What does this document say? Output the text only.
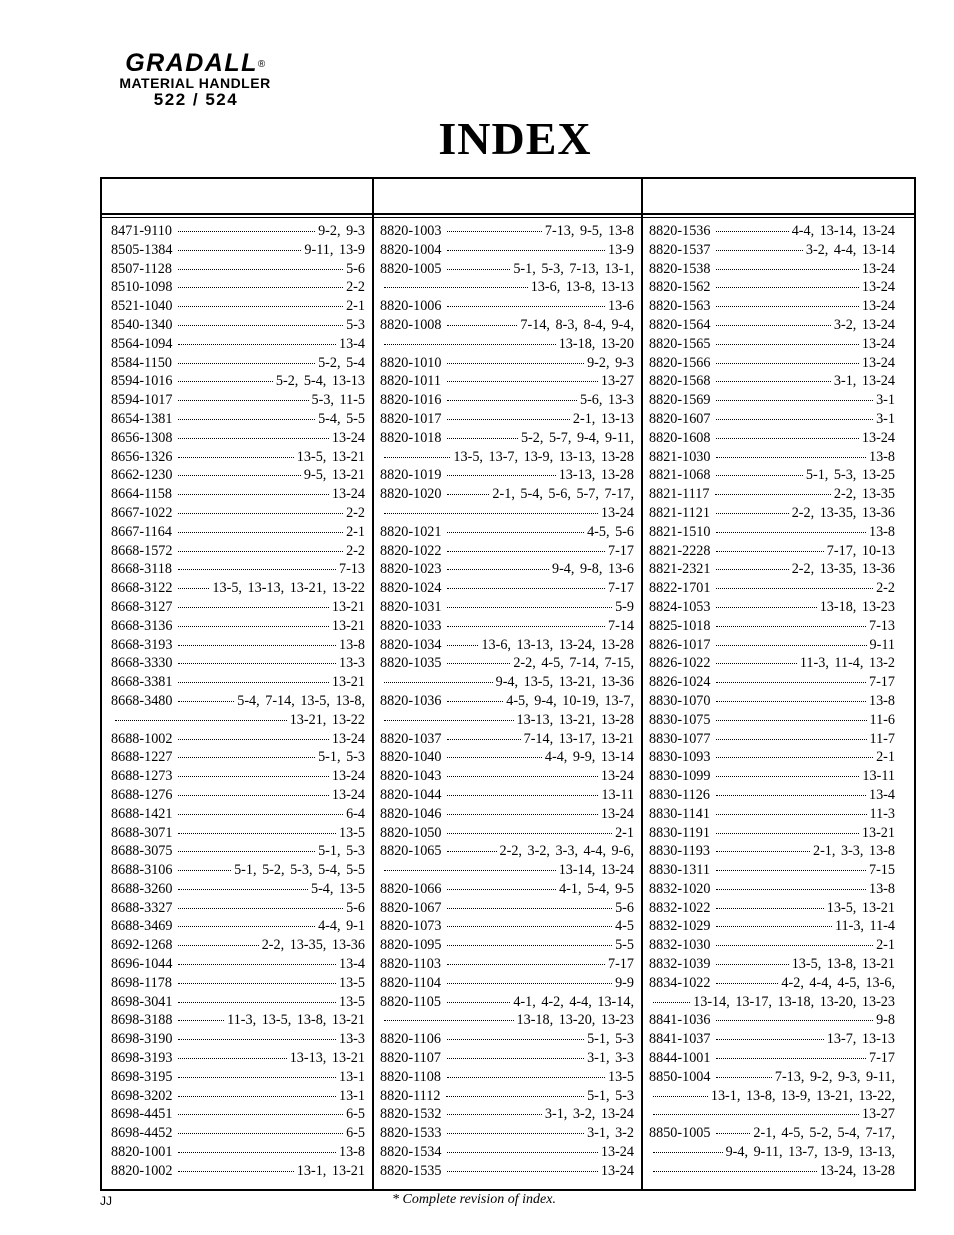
GRADALL®
MATERIAL HANDLER
522 / 524
INDEX
8471-9110	9-2, 9-3
8505-1384	9-11, 13-9
8507-1128	5-6
8510-1098	2-2
8521-1040	2-1
8540-1340	5-3
8564-1094	13-4
8584-1150	5-2, 5-4
8594-1016	5-2, 5-4, 13-13
8594-1017	5-3, 11-5
8654-1381	5-4, 5-5
8656-1308	13-24
8656-1326	13-5, 13-21
8662-1230	9-5, 13-21
8664-1158	13-24
8667-1022	2-2
8667-1164	2-1
8668-1572	2-2
8668-3118	7-13
8668-3122	13-5, 13-13, 13-21, 13-22
8668-3127	13-21
8668-3136	13-21
8668-3193	13-8
8668-3330	13-3
8668-3381	13-21
8668-3480	5-4, 7-14, 13-5, 13-8,
13-21, 13-22
8688-1002	13-24
8688-1227	5-1, 5-3
8688-1273	13-24
8688-1276	13-24
8688-1421	6-4
8688-3071	13-5
8688-3075	5-1, 5-3
8688-3106	5-1, 5-2, 5-3, 5-4, 5-5
8688-3260	5-4, 13-5
8688-3327	5-6
8688-3469	4-4, 9-1
8692-1268	2-2, 13-35, 13-36
8696-1044	13-4
8698-1178	13-5
8698-3041	13-5
8698-3188	11-3, 13-5, 13-8, 13-21
8698-3190	13-3
8698-3193	13-13, 13-21
8698-3195	13-1
8698-3202	13-1
8698-4451	6-5
8698-4452	6-5
8820-1001	13-8
8820-1002	13-1, 13-21
8820-1003	7-13, 9-5, 13-8
8820-1004	13-9
8820-1005	5-1, 5-3, 7-13, 13-1,
13-6, 13-8, 13-13
8820-1006	13-6
8820-1008	7-14, 8-3, 8-4, 9-4,
13-18, 13-20
8820-1010	9-2, 9-3
8820-1011	13-27
8820-1016	5-6, 13-3
8820-1017	2-1, 13-13
8820-1018	5-2, 5-7, 9-4, 9-11,
13-5, 13-7, 13-9, 13-13, 13-28
8820-1019	13-13, 13-28
8820-1020	2-1, 5-4, 5-6, 5-7, 7-17,
13-24
8820-1021	4-5, 5-6
8820-1022	7-17
8820-1023	9-4, 9-8, 13-6
8820-1024	7-17
8820-1031	5-9
8820-1033	7-14
8820-1034	13-6, 13-13, 13-24, 13-28
8820-1035	2-2, 4-5, 7-14, 7-15,
9-4, 13-5, 13-21, 13-36
8820-1036	4-5, 9-4, 10-19, 13-7,
13-13, 13-21, 13-28
8820-1037	7-14, 13-17, 13-21
8820-1040	4-4, 9-9, 13-14
8820-1043	13-24
8820-1044	13-11
8820-1046	13-24
8820-1050	2-1
8820-1065	2-2, 3-2, 3-3, 4-4, 9-6,
13-14, 13-24
8820-1066	4-1, 5-4, 9-5
8820-1067	5-6
8820-1073	4-5
8820-1095	5-5
8820-1103	7-17
8820-1104	9-9
8820-1105	4-1, 4-2, 4-4, 13-14,
13-18, 13-20, 13-23
8820-1106	5-1, 5-3
8820-1107	3-1, 3-3
8820-1108	13-5
8820-1112	5-1, 5-3
8820-1532	3-1, 3-2, 13-24
8820-1533	3-1, 3-2
8820-1534	13-24
8820-1535	13-24
8820-1536	4-4, 13-14, 13-24
8820-1537	3-2, 4-4, 13-14
8820-1538	13-24
8820-1562	13-24
8820-1563	13-24
8820-1564	3-2, 13-24
8820-1565	13-24
8820-1566	13-24
8820-1568	3-1, 13-24
8820-1569	3-1
8820-1607	3-1
8820-1608	13-24
8821-1030	13-8
8821-1068	5-1, 5-3, 13-25
8821-1117	2-2, 13-35
8821-1121	2-2, 13-35, 13-36
8821-1510	13-8
8821-2228	7-17, 10-13
8821-2321	2-2, 13-35, 13-36
8822-1701	2-2
8824-1053	13-18, 13-23
8825-1018	7-13
8826-1017	9-11
8826-1022	11-3, 11-4, 13-2
8826-1024	7-17
8830-1070	13-8
8830-1075	11-6
8830-1077	11-7
8830-1093	2-1
8830-1099	13-11
8830-1126	13-4
8830-1141	11-3
8830-1191	13-21
8830-1193	2-1, 3-3, 13-8
8830-1311	7-15
8832-1020	13-8
8832-1022	13-5, 13-21
8832-1029	11-3, 11-4
8832-1030	2-1
8832-1039	13-5, 13-8, 13-21
8834-1022	4-2, 4-4, 4-5, 13-6,
13-14, 13-17, 13-18, 13-20, 13-23
8841-1036	9-8
8841-1037	13-7, 13-13
8844-1001	7-17
8850-1004	7-13, 9-2, 9-3, 9-11,
13-1, 13-8, 13-9, 13-21, 13-22,
13-27
8850-1005	2-1, 4-5, 5-2, 5-4, 7-17,
9-4, 9-11, 13-7, 13-9, 13-13,
13-24, 13-28
JJ	* Complete revision of index.
